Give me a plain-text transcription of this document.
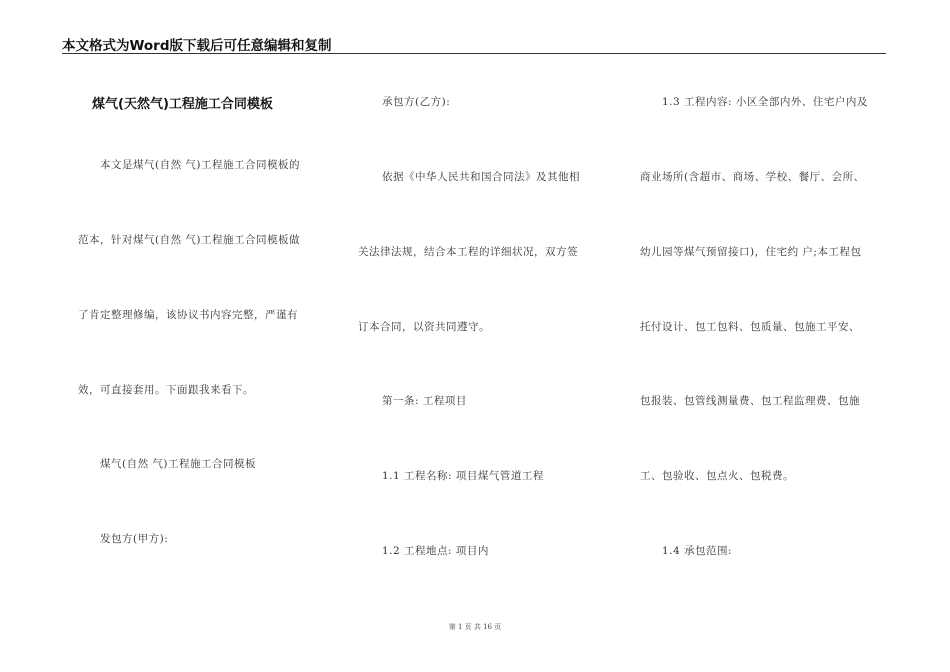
本文格式为Word版下载后可任意编辑和复制
煤气(天然气)工程施工合同模板
本文是煤气(自然 气)工程施工合同模板的
范本，针对煤气(自然 气)工程施工合同模板做
了肯定整理修编，该协议书内容完整，严谨有
效，可直接套用。下面跟我来看下。
煤气(自然 气)工程施工合同模板
发包方(甲方):
承包方(乙方):
依据《中华人民共和国合同法》及其他相
关法律法规，结合本工程的详细状况，双方签
订本合同，以资共同遵守。
第一条: 工程项目
1.1 工程名称: 项目煤气管道工程
1.2 工程地点: 项目内
1.3 工程内容: 小区全部内外、住宅户内及
商业场所(含超市、商场、学校、餐厅、会所、
幼儿园等煤气预留接口)，住宅约 户;本工程包
托付设计、包工包料、包质量、包施工平安、
包报装、包管线测量费、包工程监理费、包施
工、包验收、包点火、包税费。
1.4 承包范围:
第 1 页 共 16 页
